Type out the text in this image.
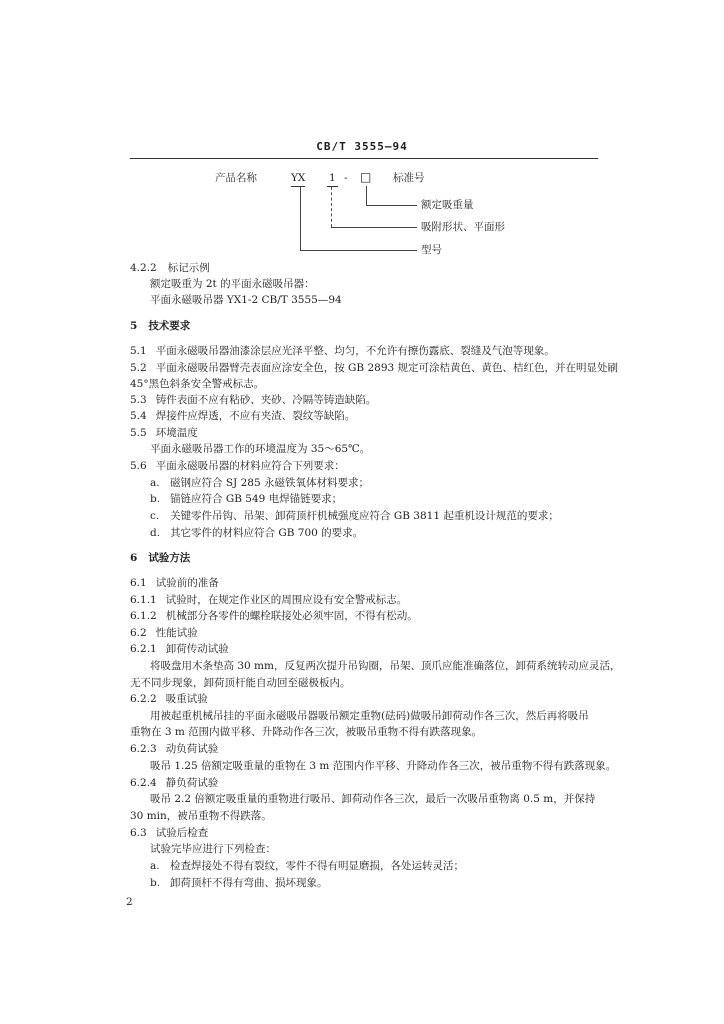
CB/T 3555—94
产品名称	YX 1 - □ 标准号
额定吸重量
吸附形状、平面形
型号
4.2.2 标记示例
额定吸重为 2t 的平面永磁吸吊器：
平面永磁吸吊器 YX1-2 CB/T 3555—94
5 技术要求
5.1 平面永磁吸吊器油漆涂层应光泽平整、均匀，不允许有擦伤露底、裂缝及气泡等现象。
5.2 平面永磁吸吊器臂壳表面应涂安全色，按 GB 2893 规定可涂桔黄色、黄色、桔红色，并在明显处刷
45°黑色斜条安全警戒标志。
5.3 铸件表面不应有粘砂、夹砂、冷隔等铸造缺陷。
5.4 焊接件应焊透，不应有夹渣、裂纹等缺陷。
5.5 环境温度
平面永磁吸吊器工作的环境温度为 35～65℃。
5.6 平面永磁吸吊器的材料应符合下列要求：
a. 磁钢应符合 SJ 285 永磁铁氧体材料要求；
b. 锚链应符合 GB 549 电焊锚链要求；
c. 关键零件吊钩、吊架、卸荷顶杆机械强度应符合 GB 3811 起重机设计规范的要求；
d. 其它零件的材料应符合 GB 700 的要求。
6 试验方法
6.1 试验前的准备
6.1.1 试验时，在规定作业区的周围应设有安全警戒标志。
6.1.2 机械部分各零件的螺栓联接处必须牢固，不得有松动。
6.2 性能试验
6.2.1 卸荷传动试验
将吸盘用木条垫高 30 mm，反复两次提升吊钩圈，吊架、顶爪应能准确落位，卸荷系统转动应灵活，
无不同步现象，卸荷顶杆能自动回至磁极板内。
6.2.2 吸重试验
用被起重机械吊挂的平面永磁吸吊器吸吊额定重物(砝码)做吸吊卸荷动作各三次，然后再将吸吊
重物在 3 m 范围内做平移、升降动作各三次，被吸吊重物不得有跌落现象。
6.2.3 动负荷试验
吸吊 1.25 倍额定吸重量的重物在 3 m 范围内作平移、升降动作各三次，被吊重物不得有跌落现象。
6.2.4 静负荷试验
吸吊 2.2 倍额定吸重量的重物进行吸吊、卸荷动作各三次，最后一次吸吊重物离 0.5 m，并保持
30 min，被吊重物不得跌落。
6.3 试验后检查
试验完毕应进行下列检查：
a. 检查焊接处不得有裂纹，零件不得有明显磨损，各处运转灵活；
b. 卸荷顶杆不得有弯曲、损坏现象。
2
